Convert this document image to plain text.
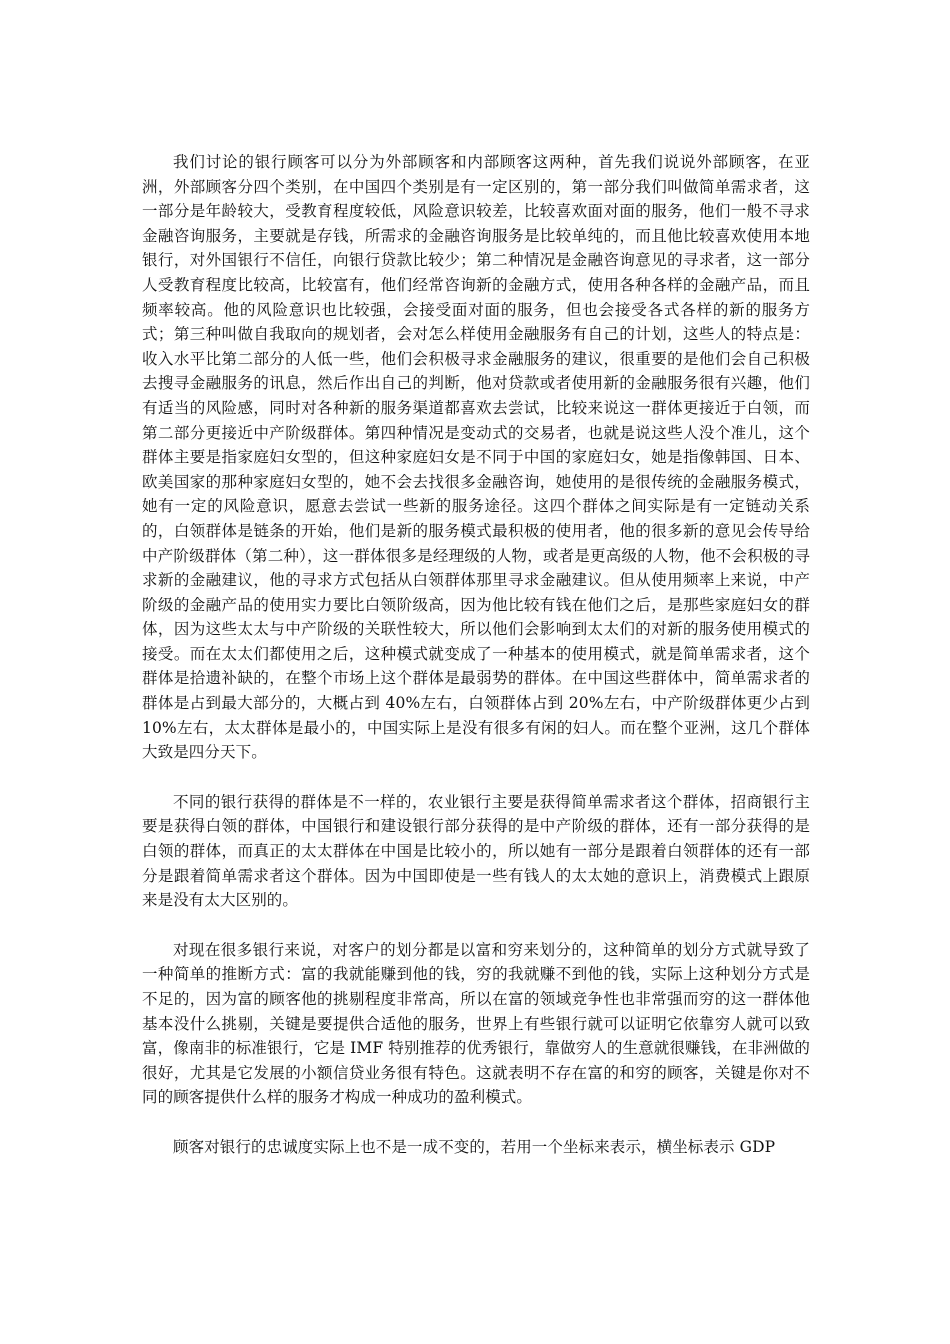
我们讨论的银行顾客可以分为外部顾客和内部顾客这两种，首先我们说说外部顾客，在亚洲，外部顾客分四个类别，在中国四个类别是有一定区别的，第一部分我们叫做简单需求者，这一部分是年龄较大，受教育程度较低，风险意识较差，比较喜欢面对面的服务，他们一般不寻求金融咨询服务，主要就是存钱，所需求的金融咨询服务是比较单纯的，而且他比较喜欢使用本地银行，对外国银行不信任，向银行贷款比较少；第二种情况是金融咨询意见的寻求者，这一部分人受教育程度比较高，比较富有，他们经常咨询新的金融方式，使用各种各样的金融产品，而且频率较高。他的风险意识也比较强，会接受面对面的服务，但也会接受各式各样的新的服务方式；第三种叫做自我取向的规划者，会对怎么样使用金融服务有自己的计划，这些人的特点是：收入水平比第二部分的人低一些，他们会积极寻求金融服务的建议，很重要的是他们会自己积极去搜寻金融服务的讯息，然后作出自己的判断，他对贷款或者使用新的金融服务很有兴趣，他们有适当的风险感，同时对各种新的服务渠道都喜欢去尝试，比较来说这一群体更接近于白领，而第二部分更接近中产阶级群体。第四种情况是变动式的交易者，也就是说这些人没个准儿，这个群体主要是指家庭妇女型的，但这种家庭妇女是不同于中国的家庭妇女，她是指像韩国、日本、欧美国家的那种家庭妇女型的，她不会去找很多金融咨询，她使用的是很传统的金融服务模式，她有一定的风险意识，愿意去尝试一些新的服务途径。这四个群体之间实际是有一定链动关系的，白领群体是链条的开始，他们是新的服务模式最积极的使用者，他的很多新的意见会传导给中产阶级群体（第二种），这一群体很多是经理级的人物，或者是更高级的人物，他不会积极的寻求新的金融建议，他的寻求方式包括从白领群体那里寻求金融建议。但从使用频率上来说，中产阶级的金融产品的使用实力要比白领阶级高，因为他比较有钱在他们之后，是那些家庭妇女的群体，因为这些太太与中产阶级的关联性较大，所以他们会影响到太太们的对新的服务使用模式的接受。而在太太们都使用之后，这种模式就变成了一种基本的使用模式，就是简单需求者，这个群体是拾遗补缺的，在整个市场上这个群体是最弱势的群体。在中国这些群体中，简单需求者的群体是占到最大部分的，大概占到 40%左右，白领群体占到 20%左右，中产阶级群体更少占到 10%左右，太太群体是最小的，中国实际上是没有很多有闲的妇人。而在整个亚洲，这几个群体大致是四分天下。

不同的银行获得的群体是不一样的，农业银行主要是获得简单需求者这个群体，招商银行主要是获得白领的群体，中国银行和建设银行部分获得的是中产阶级的群体，还有一部分获得的是白领的群体，而真正的太太群体在中国是比较小的，所以她有一部分是跟着白领群体的还有一部分是跟着简单需求者这个群体。因为中国即使是一些有钱人的太太她的意识上，消费模式上跟原来是没有太大区别的。

对现在很多银行来说，对客户的划分都是以富和穷来划分的，这种简单的划分方式就导致了一种简单的推断方式：富的我就能赚到他的钱，穷的我就赚不到他的钱，实际上这种划分方式是不足的，因为富的顾客他的挑剔程度非常高，所以在富的领域竞争性也非常强而穷的这一群体他基本没什么挑剔，关键是要提供合适他的服务，世界上有些银行就可以证明它依靠穷人就可以致富，像南非的标准银行，它是 IMF 特别推荐的优秀银行，靠做穷人的生意就很赚钱，在非洲做的很好，尤其是它发展的小额信贷业务很有特色。这就表明不存在富的和穷的顾客，关键是你对不同的顾客提供什么样的服务才构成一种成功的盈利模式。

顾客对银行的忠诚度实际上也不是一成不变的，若用一个坐标来表示，横坐标表示 GDP
